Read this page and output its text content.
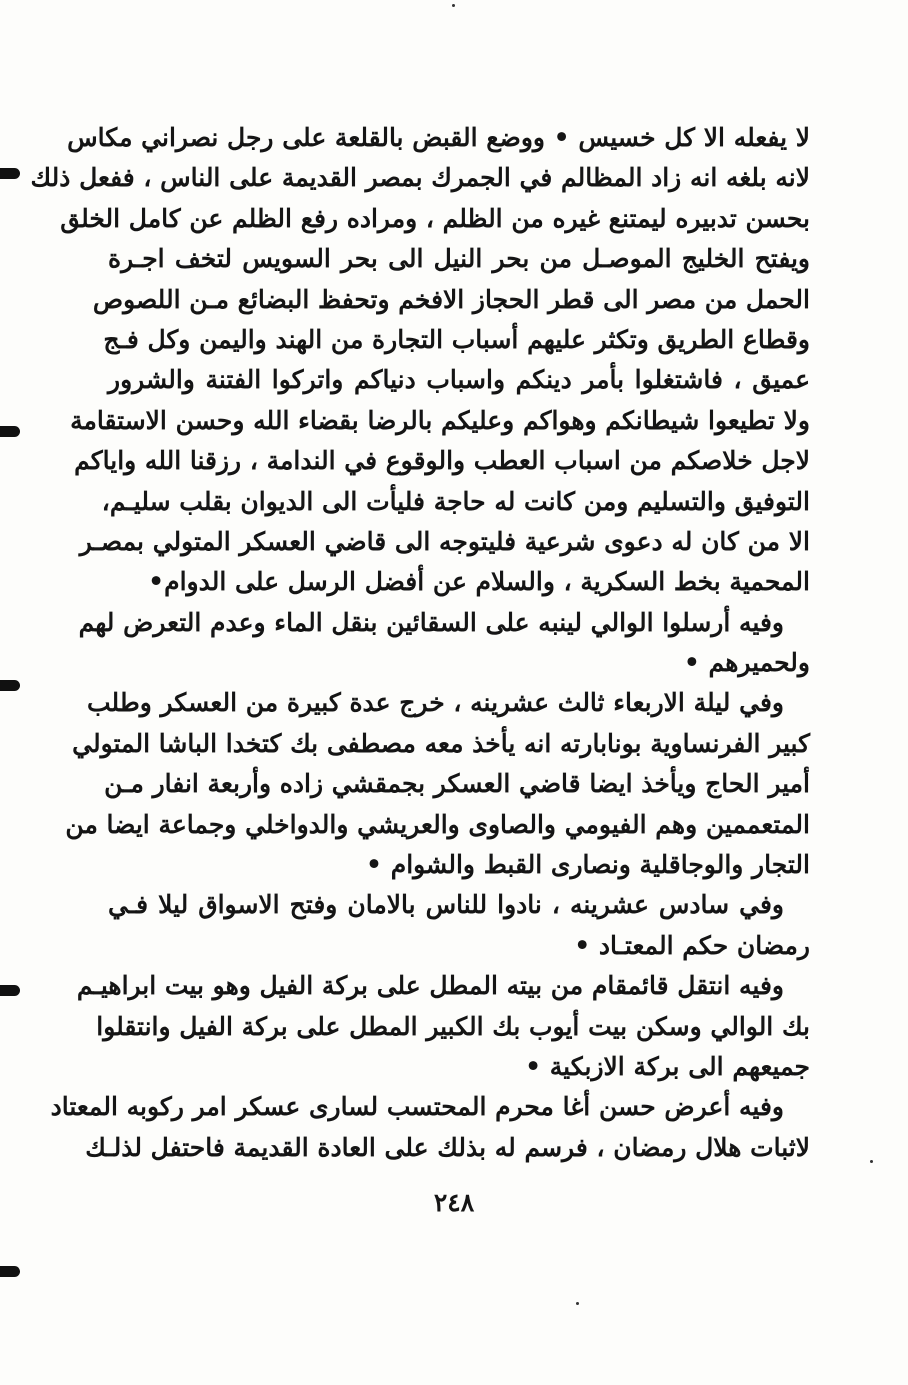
لا يفعله الا كل خسيس • ووضع القبض بالقلعة على رجل نصراني مكاس
لانه بلغه انه زاد المظالم في الجمرك بمصر القديمة على الناس ، ففعل ذلك
بحسن تدبيره ليمتنع غيره من الظلم ، ومراده رفع الظلم عن كامل الخلق
ويفتح الخليج الموصـل من بحر النيل الى بحر السويس لتخف اجـرة
الحمل من مصر الى قطر الحجاز الافخم وتحفظ البضائع مـن اللصوص
وقطاع الطريق وتكثر عليهم أسباب التجارة من الهند واليمن وكل فـج
عميق ، فاشتغلوا بأمر دينكم واسباب دنياكم واتركوا الفتنة والشرور
ولا تطيعوا شيطانكم وهواكم وعليكم بالرضا بقضاء الله وحسن الاستقامة
لاجل خلاصكم من اسباب العطب والوقوع في الندامة ، رزقنا الله واياكم
التوفيق والتسليم ومن كانت له حاجة فليأت الى الديوان بقلب سليـم،
الا من كان له دعوى شرعية فليتوجه الى قاضي العسكر المتولي بمصـر
المحمية بخط السكرية ، والسلام عن أفضل الرسل على الدوام•
وفيه أرسلوا الوالي لينبه على السقائين بنقل الماء وعدم التعرض لهم
ولحميرهم •
وفي ليلة الاربعاء ثالث عشرينه ، خرج عدة كبيرة من العسكر وطلب
كبير الفرنساوية بونابارته انه يأخذ معه مصطفى بك كتخدا الباشا المتولي
أمير الحاج ويأخذ ايضا قاضي العسكر بجمقشي زاده وأربعة انفار مـن
المتعممين وهم الفيومي والصاوى والعريشي والدواخلي وجماعة ايضا من
التجار والوجاقلية ونصارى القبط والشوام •
وفي سادس عشرينه ، نادوا للناس بالامان وفتح الاسواق ليلا فـي
رمضان حكم المعتـاد •
وفيه انتقل قائمقام من بيته المطل على بركة الفيل وهو بيت ابراهيـم
بك الوالي وسكن بيت أيوب بك الكبير المطل على بركة الفيل وانتقلوا
جميعهم الى بركة الازبكية •
وفيه أعرض حسن أغا محرم المحتسب لسارى عسكر امر ركوبه المعتاد
لاثبات هلال رمضان ، فرسم له بذلك على العادة القديمة فاحتفل لذلـك
٢٤٨
